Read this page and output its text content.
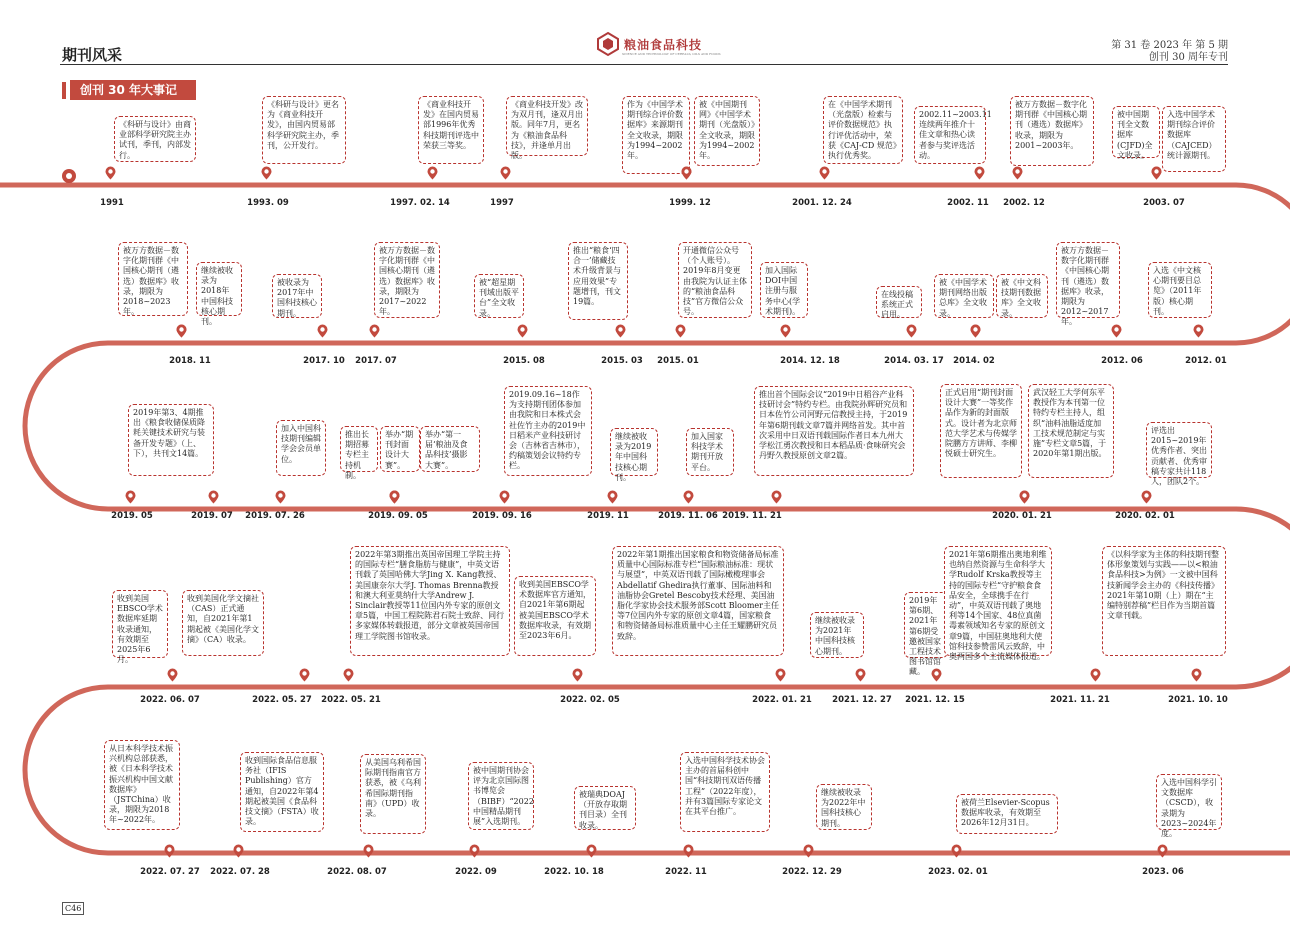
期刊风采
粮油食品科技
SCIENCE AND TECHNOLOGY OF CEREALS, OILS AND FOODS
第 31 卷 2023 年 第 5 期
创刊 30 周年专刊
创刊 30 年大事记
《科研与设计》由商业部科学研究院主办试刊，季刊，内部发行。
1991
《科研与设计》更名为《商业科技开发》，由国内贸易部科学研究院主办，季刊，公开发行。
1993. 09
《商业科技开发》在国内贸易部1996年优秀科技期刊评选中荣获三等奖。
1997. 02. 14
《商业科技开发》改为双月刊，逢双月出版。同年7月，更名为《粮油食品科技》，并逢单月出版。
1997
作为《中国学术期刊综合评价数据库》来源期刊全文收录，期限为1994~2002年。
1999. 12
被《中国期刊网》《中国学术期刊（光盘版）》全文收录，期限为1994~2002年。
在《中国学术期刊（光盘版）检索与评价数据规范》执行评优活动中，荣获《CAJ-CD 规范》执行优秀奖。
2001. 12. 24
2002.11~2003.11连续两年推介十佳文章和热心读者参与奖评选活动。
2002. 11
被万方数据－数字化期刊群《中国核心期刊（遴选）数据库》收录，期限为2001~2003年。
2002. 12
被中国期刊全文数据库(CJFD)全文收录。
2003. 07
入选中国学术期刊综合评价数据库（CAJCED）统计源期刊。
被万方数据－数字化期刊群《中国核心期刊（遴选）数据库》收录，期限为2018~2023年。
2018. 11
继续被收录为2018年中国科技核心期刊。
被收录为2017年中国科技核心期刊。
2017. 10
被万方数据－数字化期刊群《中国核心期刊（遴选）数据库》收录，期限为2017~2022年。
2017. 07
被“超星期刊域出版平台”全文收录。
2015. 08
推出“粮食‘四合一’储藏技术升级背景与应用效果”专题增刊，刊文19篇。
2015. 03
开通微信公众号（个人账号）。2019年8月变更由我院为认证主体的“粮油食品科技”官方微信公众号。
2015. 01
加入国际DOI中国注册与服务中心(学术期刊)。
2014. 12. 18
在线投稿系统正式启用。
2014. 03. 17
被《中国学术期刊网络出版总库》全文收录。
2014. 02
被《中文科技期刊数据库》全文收录。
被万方数据－数字化期刊群《中国核心期刊（遴选）数据库》收录，期限为2012~2017年。
2012. 06
入选《中文核心期刊要目总览》（2011年版）核心期刊。
2012. 01
2019年第3、4期推出《粮食收储保质降耗关键技术研究与装备开发专题》（上、下），共刊文14篇。
2019. 05
加入中国科技期刊编辑学会会员单位。
2019. 07 2019. 07. 26
推出长期招募专栏主持机制。
2019. 09. 05
举办“期刊封面设计大赛”。
举办“第一届‘粮油及食品科技’摄影大赛”。
2019.09.16~18作为支持期刊团体参加由我院和日本株式会社佐竹主办的2019中日稻米产业科技研讨会（吉林省吉林市），约稿策划会议特约专栏。
2019. 09. 16
继续被收录为2019年中国科技核心期刊。
2019. 11
加入国家科技学术期刊开放平台。
2019. 11. 06
推出首个国际会议“2019中日稻谷产业科技研讨会”特约专栏。由我院孙辉研究员和日本佐竹公司河野元信教授主持，于2019年第6期刊载文章7篇并网络首发。其中首次采用中日双语刊载国际作者日本九州大学松江勇次教授和日本稻品质·食味研究会丹野久教授原创文章2篇。
2019. 11. 21
正式启用“期刊封面设计大赛”一等奖作品作为新的封面版式。设计者为北京师范大学艺术与传媒学院鹏方方讲师、李柳悦硕士研究生。
2020. 01. 21
武汉轻工大学何东平教授作为本刊第一位特约专栏主持人，组织“油料油脂适度加工技术规范制定与实施”专栏文章5篇，于2020年第1期出版。
评选出2015~2019年优秀作者、突出贡献者、优秀审稿专家共计118人，团队2个。
2020. 02. 01
收到美国EBSCO学术数据库延期收录通知，有效期至2025年6月。
2022. 06. 07
收到美国化学文摘社（CAS）正式通知，自2021年第1期起被《美国化学文摘》（CA）收录。
2022. 05. 27
2022年第3期推出英国帝国理工学院主持的国际专栏“膳食脂肪与健康”，中英文语刊载了英国哈佛大学Jing X. Kang教授、美国康奈尔大学J. Thomas Brenna教授和澳大利亚莫纳什大学Andrew J. Sinclair教授等11位国内外专家的原创文章5篇，中国工程院陈君石院士致辞、同行多家媒体转载报道，部分文章被英国帝国理工学院图书馆收录。
2022. 05. 21
收到美国EBSCO学术数据库官方通知，自2021年第6期起被美国EBSCO学术数据库收录，有效期至2023年6月。
2022. 02. 05
2022年第1期推出国家粮食和物资储备局标准质量中心国际标准专栏“国际粮油标准：现状与展望”，中英双语刊载了国际橄榄理事会Abdellatif Ghedira执行董事、国际油料和油脂协会Gretel Bescoby技术经理、美国油脂化学家协会技术服务部Scott Bloomer主任等7位国内外专家的原创文章4篇，国家粮食和物资储备局标准质量中心主任王耀鹏研究员致辞。
2022. 01. 21
继续被收录为2021年中国科技核心期刊。
2021. 12. 27
2019年第6期、2021年第6期受邀被国家工程技术图书馆馆藏。
2021. 12. 15
2021年第6期推出奥地利维也纳自然资源与生命科学大学Rudolf Krska教授等主持的国际专栏“守护粮食食品安全，全球携手在行动”，中英双语刊载了奥地利等14个国家、48位真菌毒素领域知名专家的原创文章9篇，中国驻奥地利大使馆科技参赞雷风云致辞，中奥两国多个主流媒体报道。
2021. 11. 21
《以科学家为主体的科技期刊整体形象策划与实践——以<粮油食品科技>为例》一文被中国科技新闻学会主办的《科技传播》2021年第10期（上）期在“主编特别荐稿”栏目作为当期首篇文章刊载。
2021. 10. 10
从日本科学技术振兴机构总部获悉，被《日本科学技术振兴机构中国文献数据库》（JSTChina）收录，期限为2018年~2022年。
2022. 07. 27
收到国际食品信息服务社（IFIS Publishing）官方通知，自2022年第4期起被美国《食品科技文摘》（FSTA）收录。
2022. 07. 28
从美国乌利希国际期刊指南官方获悉，被《乌利希国际期刊指南》（UPD）收录。
2022. 08. 07
被中国期刊协会评为北京国际图书博览会（BIBF）“2022中国精品期刊展”入选期刊。
2022. 09
被瑞典DOAJ（开放存取期刊目录）全刊收录。
2022. 10. 18
入选中国科学技术协会主办的首届科创中国“科技期刊双语传播工程”（2022年度），并有3篇国际专家论文在其平台推广。
2022. 11
继续被收录为2022年中国科技核心期刊。
2022. 12. 29
被荷兰Elsevier-Scopus数据库收录，有效期至2026年12月31日。
2023. 02. 01
入选中国科学引文数据库（CSCD），收录期为2023~2024年度。
2023. 06
C46
